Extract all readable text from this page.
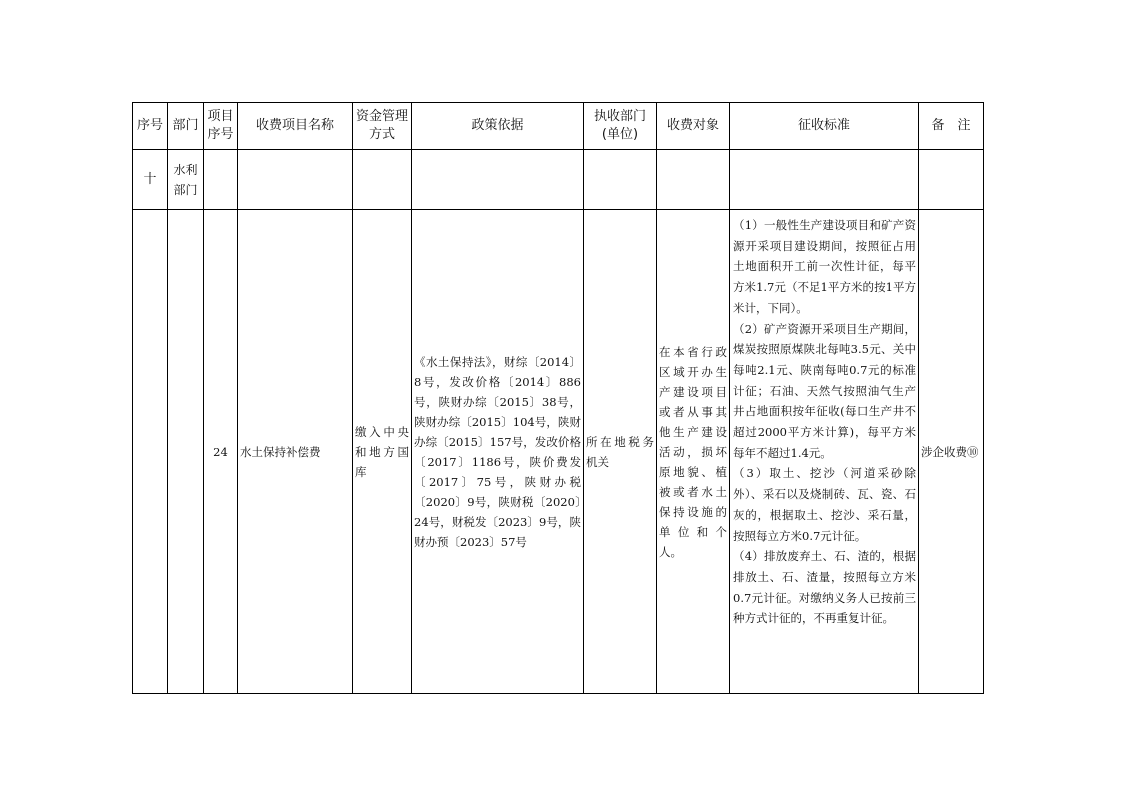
序号	部门	项目序号	收费项目名称	资金管理方式	政策依据	执收部门(单位)	收费对象	征收标准	备　注
十	水利部门								

		24	水土保持补偿费	缴入中央和地方国库	《水土保持法》，财综〔2014〕8号，发改价格〔2014〕886号，陕财办综〔2015〕38号，陕财办综〔2015〕104号，陕财办综〔2015〕157号，发改价格〔2017〕1186号，陕价费发〔2017〕75号，陕财办税〔2020〕9号，陕财税〔2020〕24号，财税发〔2023〕9号，陕财办预〔2023〕57号	所在地税务机关	在本省行政区域开办生产建设项目或者从事其他生产建设活动，损坏原地貌、植被或者水土保持设施的单位和个人。	（1）一般性生产建设项目和矿产资源开采项目建设期间，按照征占用土地面积开工前一次性计征，每平方米1.7元（不足1平方米的按1平方米计，下同）。
（2）矿产资源开采项目生产期间，煤炭按照原煤陕北每吨3.5元、关中每吨2.1元、陕南每吨0.7元的标准计征；石油、天然气按照油气生产井占地面积按年征收(每口生产井不超过2000平方米计算)，每平方米每年不超过1.4元。
（3）取土、挖沙（河道采砂除外）、采石以及烧制砖、瓦、瓷、石灰的，根据取土、挖沙、采石量，按照每立方米0.7元计征。
（4）排放废弃土、石、渣的，根据排放土、石、渣量，按照每立方米0.7元计征。对缴纳义务人已按前三种方式计征的，不再重复计征。	涉企收费⑩
